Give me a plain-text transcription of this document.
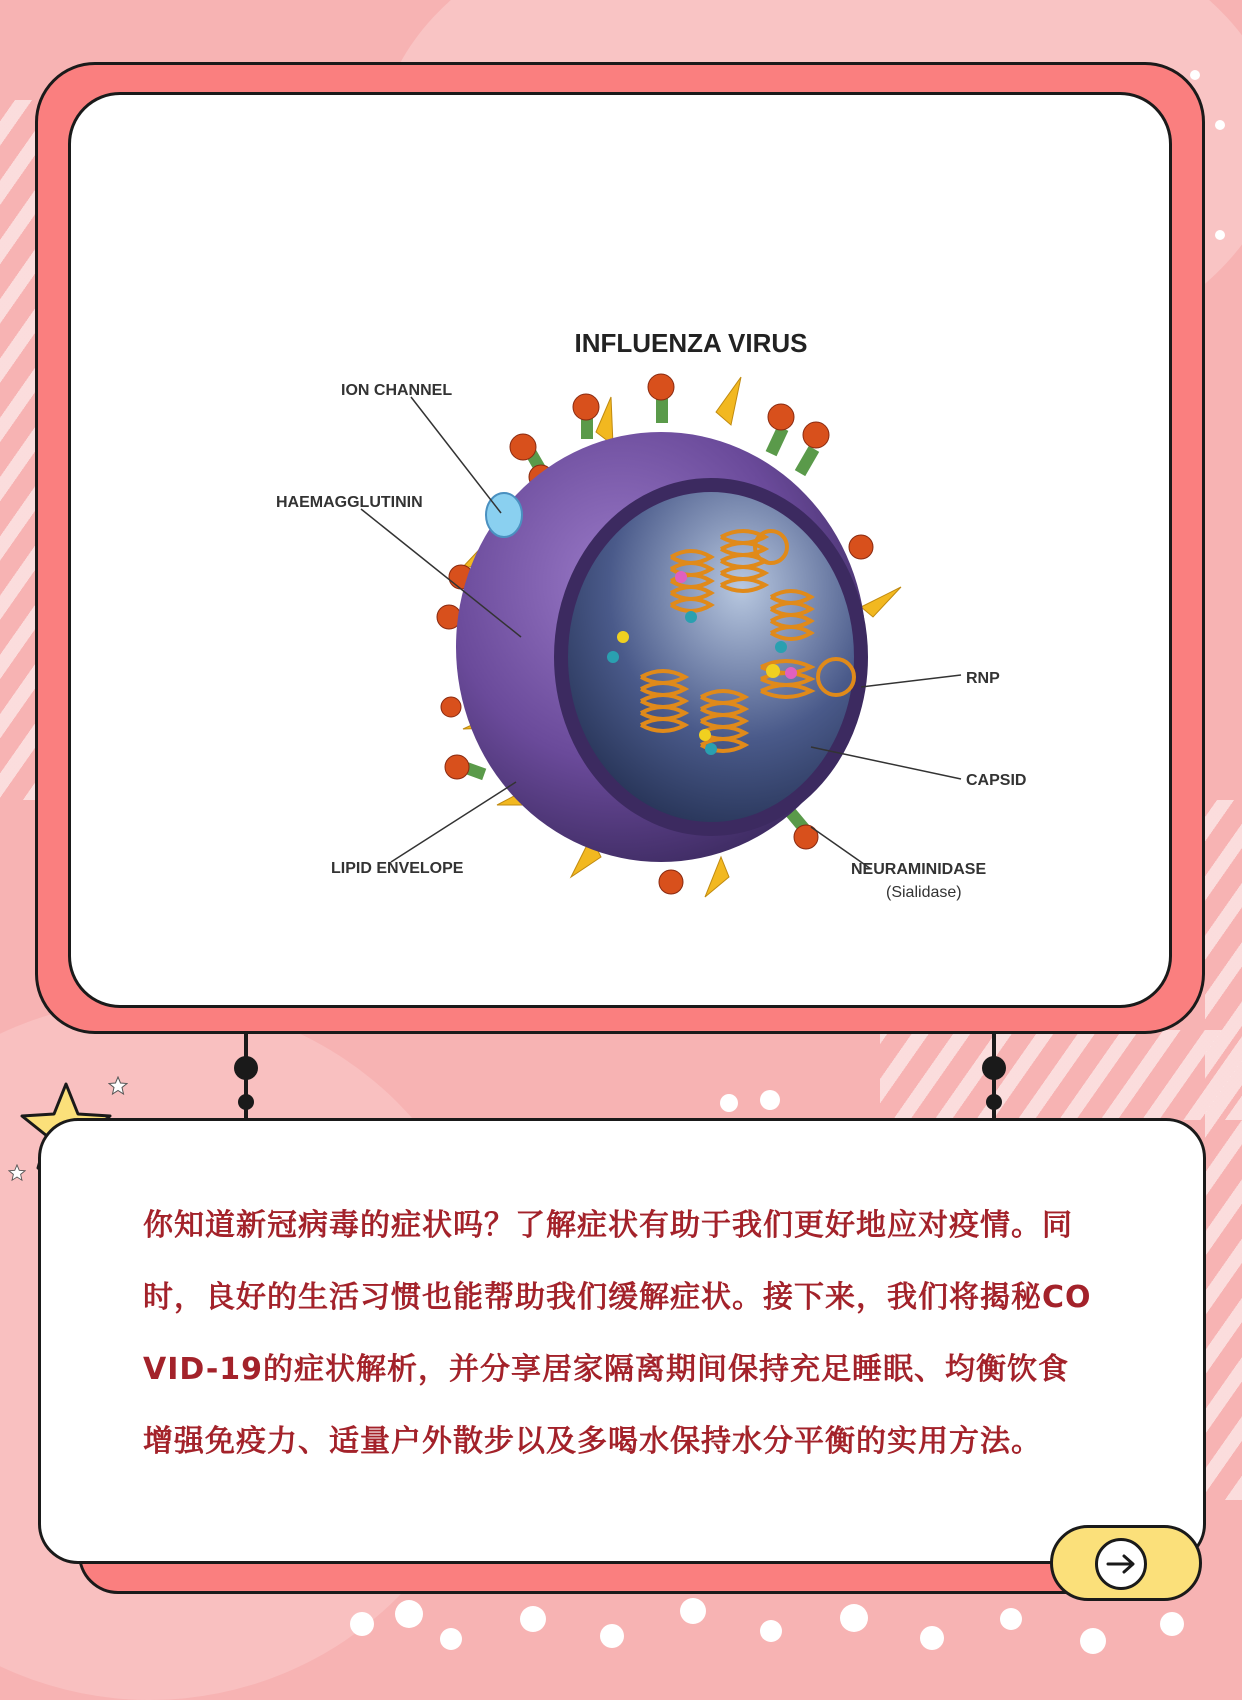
INFLUENZA VIRUS
ION CHANNEL
HAEMAGGLUTININ
LIPID ENVELOPE
RNP
CAPSID
NEURAMINIDASE
(Sialidase)

你知道新冠病毒的症状吗？了解症状有助于我们更好地应对疫情。同时，良好的生活习惯也能帮助我们缓解症状。接下来，我们将揭秘COVID-19的症状解析，并分享居家隔离期间保持充足睡眠、均衡饮食增强免疫力、适量户外散步以及多喝水保持水分平衡的实用方法。
